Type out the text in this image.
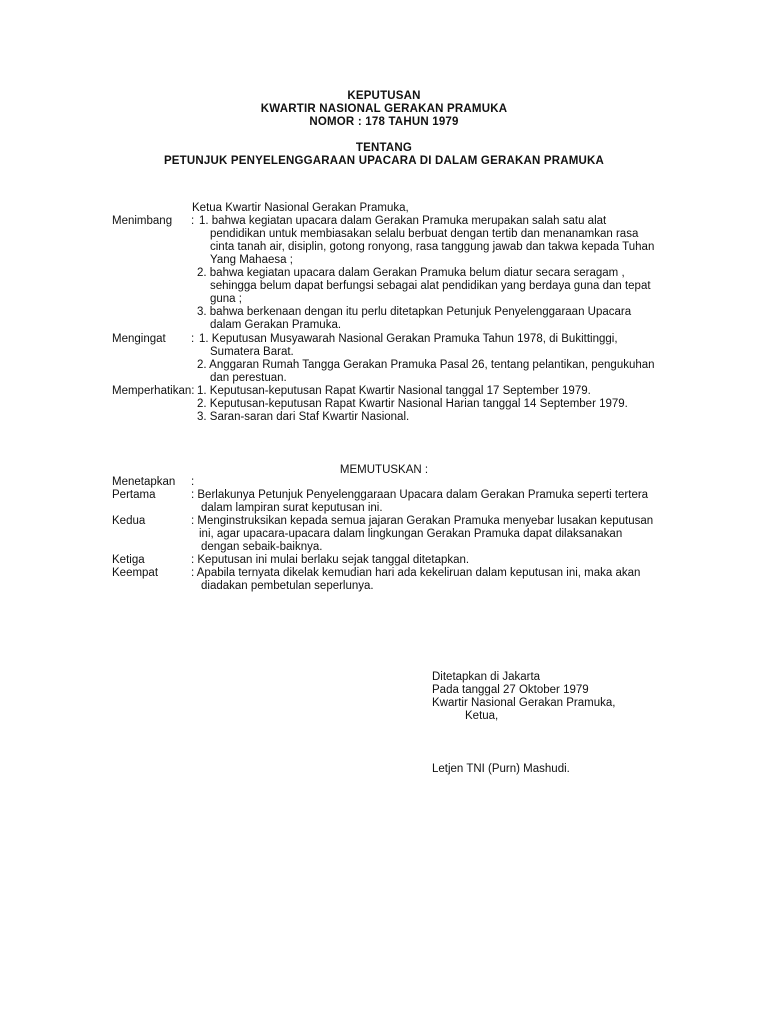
KEPUTUSAN
KWARTIR NASIONAL GERAKAN PRAMUKA
NOMOR : 178 TAHUN 1979
TENTANG
PETUNJUK PENYELENGGARAAN UPACARA DI DALAM GERAKAN PRAMUKA
Ketua Kwartir Nasional Gerakan Pramuka,
Menimbang : 1. bahwa kegiatan upacara dalam Gerakan Pramuka merupakan salah satu alat
pendidikan untuk membiasakan selalu berbuat dengan tertib dan menanamkan rasa
cinta tanah air, disiplin, gotong ronyong, rasa tanggung jawab dan takwa kepada Tuhan
Yang Mahaesa ;
2. bahwa kegiatan upacara dalam Gerakan Pramuka belum diatur secara seragam ,
sehingga belum dapat berfungsi sebagai alat pendidikan yang berdaya guna dan tepat
guna ;
3. bahwa berkenaan dengan itu perlu ditetapkan Petunjuk Penyelenggaraan Upacara
dalam Gerakan Pramuka.
Mengingat : 1. Keputusan Musyawarah Nasional Gerakan Pramuka Tahun 1978, di Bukittinggi,
Sumatera Barat.
2. Anggaran Rumah Tangga Gerakan Pramuka Pasal 26, tentang pelantikan, pengukuhan
dan perestuan.
Memperhatikan: 1. Keputusan-keputusan Rapat Kwartir Nasional tanggal 17 September 1979.
2. Keputusan-keputusan Rapat Kwartir Nasional Harian tanggal 14 September 1979.
3. Saran-saran dari Staf Kwartir Nasional.
MEMUTUSKAN :
Menetapkan :
Pertama	: Berlakunya Petunjuk Penyelenggaraan Upacara dalam Gerakan Pramuka seperti tertera
dalam lampiran surat keputusan ini.
Kedua	: Menginstruksikan kepada semua jajaran Gerakan Pramuka menyebar lusakan keputusan
ini, agar upacara-upacara dalam lingkungan Gerakan Pramuka dapat dilaksanakan
dengan sebaik-baiknya.
Ketiga	: Keputusan ini mulai berlaku sejak tanggal ditetapkan.
Keempat	: Apabila ternyata dikelak kemudian hari ada kekeliruan dalam keputusan ini, maka akan
diadakan pembetulan seperlunya.
Ditetapkan di Jakarta
Pada tanggal 27 Oktober 1979
Kwartir Nasional Gerakan Pramuka,
Ketua,
Letjen TNI (Purn) Mashudi.
